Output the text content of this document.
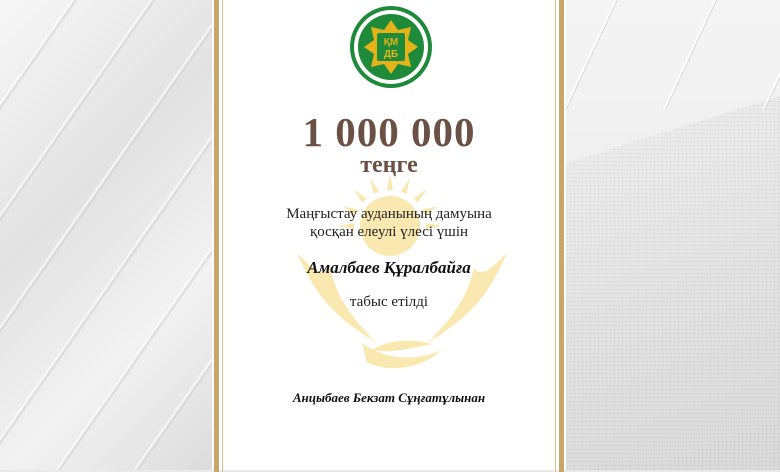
ҚМ
ДБ
1 000 000
теңге
Маңғыстау ауданының дамуына
қосқан елеулі үлесі үшін
Амалбаев Құралбайға
табыс етілді
Анцыбаев Бекзат Сұңғатұлынан
